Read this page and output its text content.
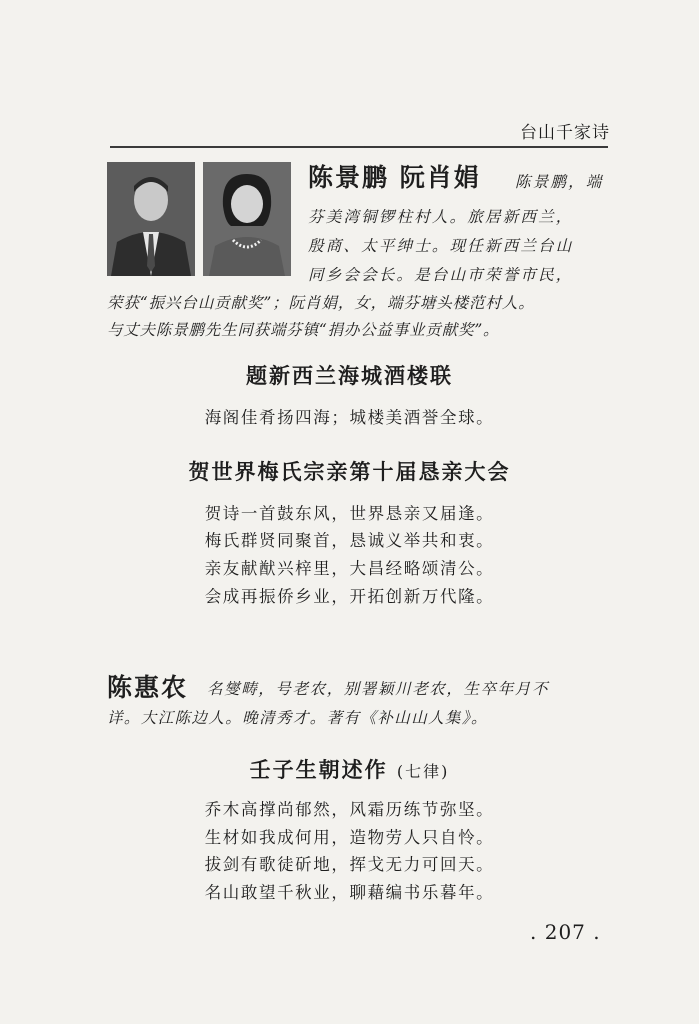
台山千家诗
陈景鹏 阮肖娟 陈景鹏，端
芬美湾铜锣柱村人。旅居新西兰，
殷商、太平绅士。现任新西兰台山
同乡会会长。是台山市荣誉市民，
荣获“振兴台山贡献奖”；阮肖娟，女，端芬塘头楼范村人。
与丈夫陈景鹏先生同获端芬镇“捐办公益事业贡献奖”。
题新西兰海城酒楼联
海阁佳肴扬四海；城楼美酒誉全球。
贺世界梅氏宗亲第十届恳亲大会
贺诗一首鼓东风，世界恳亲又届逢。
梅氏群贤同聚首，恳诚义举共和衷。
亲友献猷兴梓里，大昌经略颂清公。
会成再振侨乡业，开拓创新万代隆。
陈惠农 名燮畴，号老农，别署颖川老农，生卒年月不
详。大江陈边人。晚清秀才。著有《补山山人集》。
壬子生朝述作 (七律)
乔木高撑尚郁然，风霜历练节弥坚。
生材如我成何用，造物劳人只自怜。
拔剑有歌徒斫地，挥戈无力可回天。
名山敢望千秋业，聊藉编书乐暮年。
. 207 .
